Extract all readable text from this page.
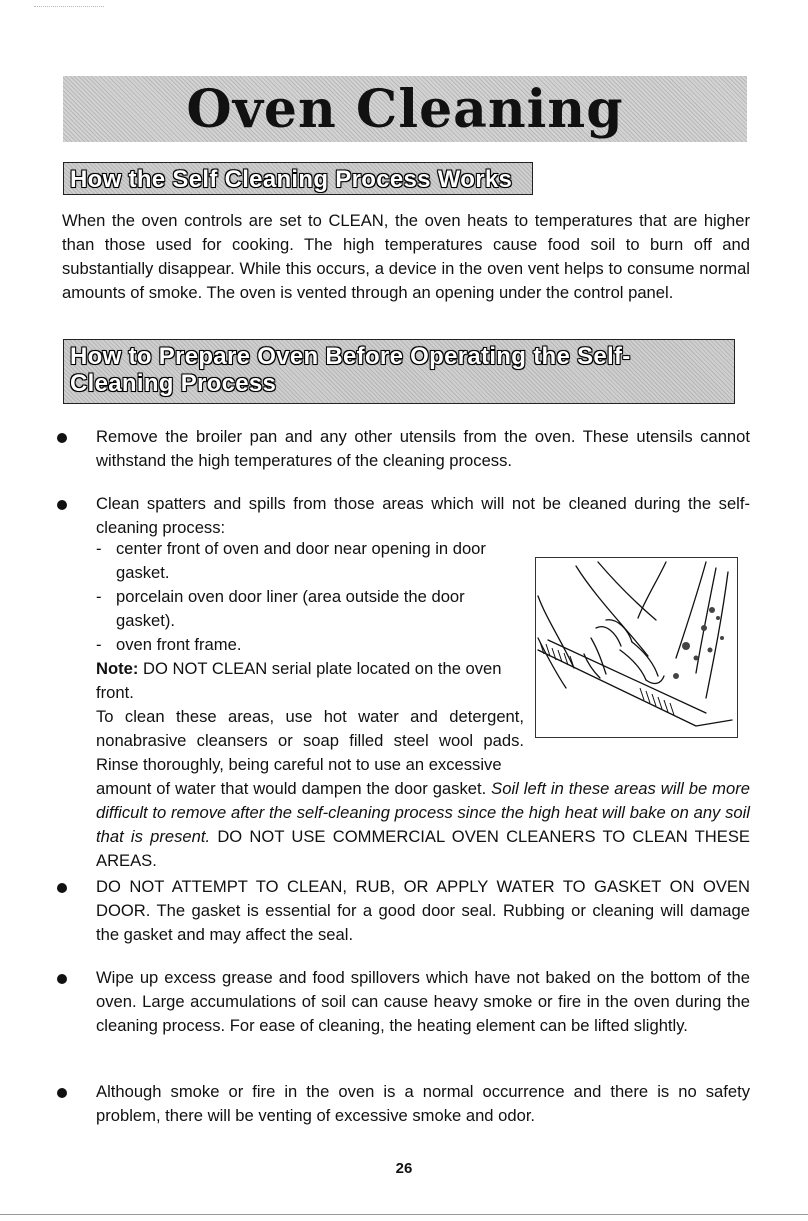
Oven Cleaning
How the Self Cleaning Process Works

When the oven controls are set to CLEAN, the oven heats to temperatures that are higher than those used for cooking. The high temperatures cause food soil to burn off and substantially disappear. While this occurs, a device in the oven vent helps to consume normal amounts of smoke. The oven is vented through an opening under the control panel.

How to Prepare Oven Before Operating the Self-Cleaning Process
Remove the broiler pan and any other utensils from the oven. These utensils cannot withstand the high temperatures of the cleaning process.
Clean spatters and spills from those areas which will not be cleaned during the self-cleaning process:
- center front of oven and door near opening in door gasket.
- porcelain oven door liner (area outside the door gasket).
- oven front frame.
Note: DO NOT CLEAN serial plate located on the oven front.
To clean these areas, use hot water and detergent, nonabrasive cleansers or soap filled steel wool pads. Rinse thoroughly, being careful not to use an excessive
amount of water that would dampen the door gasket. Soil left in these areas will be more difficult to remove after the self-cleaning process since the high heat will bake on any soil that is present. DO NOT USE COMMERCIAL OVEN CLEANERS TO CLEAN THESE AREAS.
DO NOT ATTEMPT TO CLEAN, RUB, OR APPLY WATER TO GASKET ON OVEN DOOR. The gasket is essential for a good door seal. Rubbing or cleaning will damage the gasket and may affect the seal.
Wipe up excess grease and food spillovers which have not baked on the bottom of the oven. Large accumulations of soil can cause heavy smoke or fire in the oven during the cleaning process. For ease of cleaning, the heating element can be lifted slightly.
Although smoke or fire in the oven is a normal occurrence and there is no safety problem, there will be venting of excessive smoke and odor.
26
